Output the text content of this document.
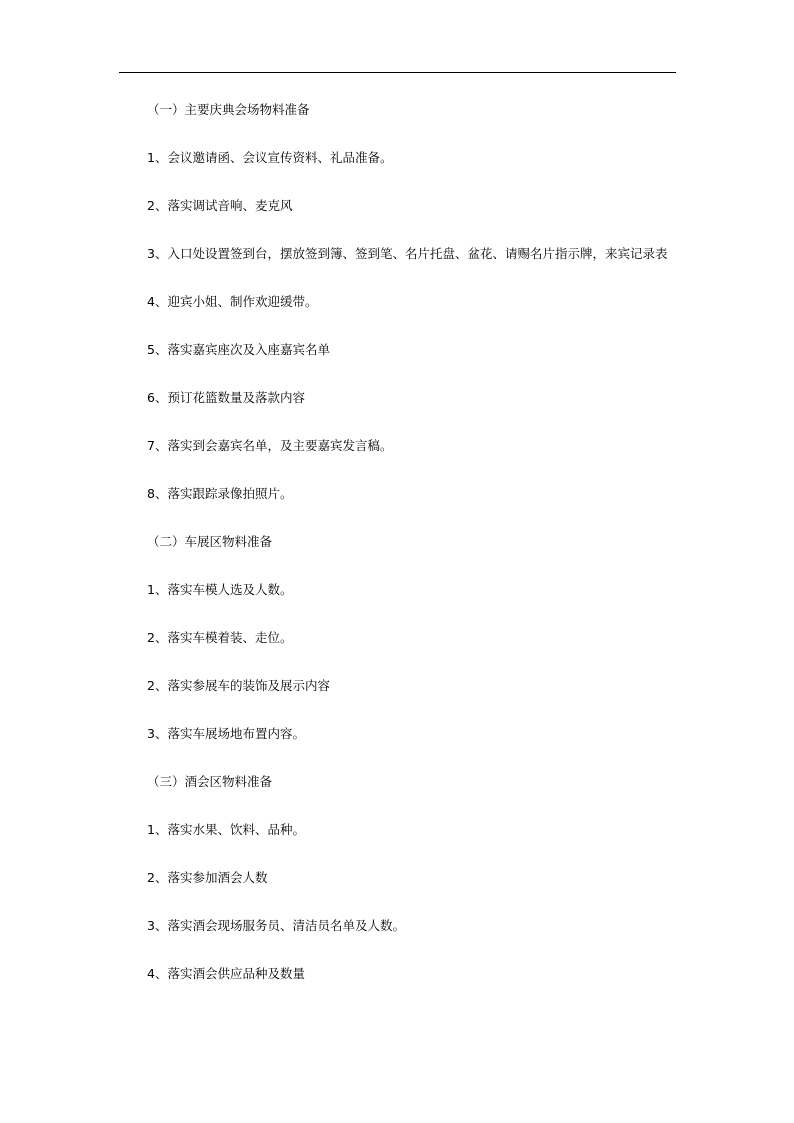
（一）主要庆典会场物料准备

1、会议邀请函、会议宣传资料、礼品准备。

2、落实调试音响、麦克风

3、入口处设置签到台，摆放签到簿、签到笔、名片托盘、盆花、请赐名片指示牌，来宾记录表

4、迎宾小姐、制作欢迎缓带。

5、落实嘉宾座次及入座嘉宾名单

6、预订花篮数量及落款内容

7、落实到会嘉宾名单，及主要嘉宾发言稿。

8、落实跟踪录像拍照片。

（二）车展区物料准备

1、落实车模人选及人数。

2、落实车模着装、走位。

2、落实参展车的装饰及展示内容

3、落实车展场地布置内容。

（三）酒会区物料准备

1、落实水果、饮料、品种。

2、落实参加酒会人数

3、落实酒会现场服务员、清洁员名单及人数。

4、落实酒会供应品种及数量
